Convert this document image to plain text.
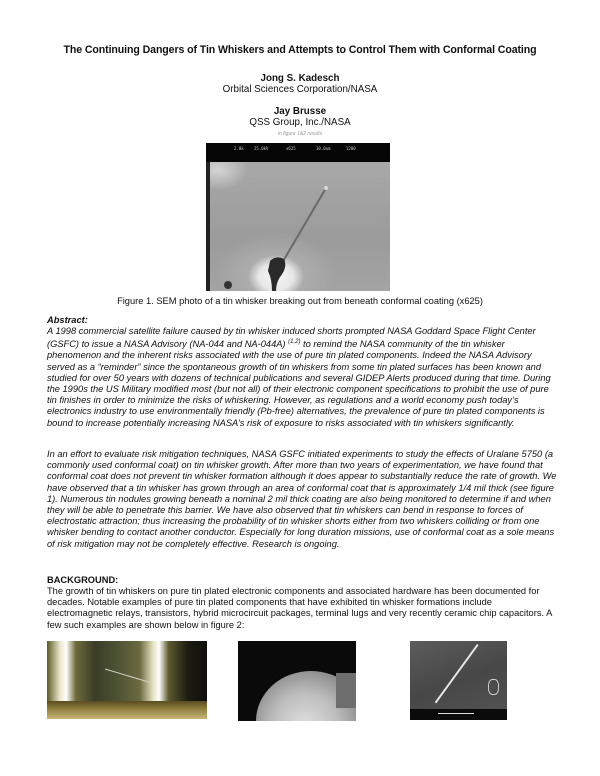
The Continuing Dangers of Tin Whiskers and Attempts to Control Them with Conformal Coating
Jong S. Kadesch
Orbital Sciences Corporation/NASA
Jay Brusse
QSS Group, Inc./NASA
in figure 1&2 results
2.0k	25.0kV	x625	10.0um	1200
Figure 1. SEM photo of a tin whisker breaking out from beneath conformal coating (x625)
Abstract:
A 1998 commercial satellite failure caused by tin whisker induced shorts prompted NASA Goddard Space Flight Center (GSFC) to issue a NASA Advisory (NA-044 and NA-044A) $^{(1,2)}$ to remind the NASA community of the tin whisker phenomenon and the inherent risks associated with the use of pure tin plated components. Indeed the NASA Advisory served as a “reminder” since the spontaneous growth of tin whiskers from some tin plated surfaces has been known and studied for over 50 years with dozens of technical publications and several GIDEP Alerts produced during that time. During the 1990s the US Military modified most (but not all) of their electronic component specifications to prohibit the use of pure tin finishes in order to minimize the risks of whiskering. However, as regulations and a world economy push today’s electronics industry to use environmentally friendly (Pb-free) alternatives, the prevalence of pure tin plated components is bound to increase potentially increasing NASA’s risk of exposure to risks associated with tin whiskers significantly.
In an effort to evaluate risk mitigation techniques, NASA GSFC initiated experiments to study the effects of Uralane 5750 (a commonly used conformal coat) on tin whisker growth. After more than two years of experimentation, we have found that conformal coat does not prevent tin whisker formation although it does appear to substantially reduce the rate of growth. We have observed that a tin whisker has grown through an area of conformal coat that is approximately 1/4 mil thick (see figure 1). Numerous tin nodules growing beneath a nominal 2 mil thick coating are also being monitored to determine if and when they will be able to penetrate this barrier. We have also observed that tin whiskers can bend in response to forces of electrostatic attraction; thus increasing the probability of tin whisker shorts either from two whiskers colliding or from one whisker bending to contact another conductor. Especially for long duration missions, use of conformal coat as a sole means of risk mitigation may not be completely effective. Research is ongoing.
BACKGROUND:
The growth of tin whiskers on pure tin plated electronic components and associated hardware has been documented for decades. Notable examples of pure tin plated components that have exhibited tin whisker formations include electromagnetic relays, transistors, hybrid microcircuit packages, terminal lugs and very recently ceramic chip capacitors. A few such examples are shown below in figure 2:
